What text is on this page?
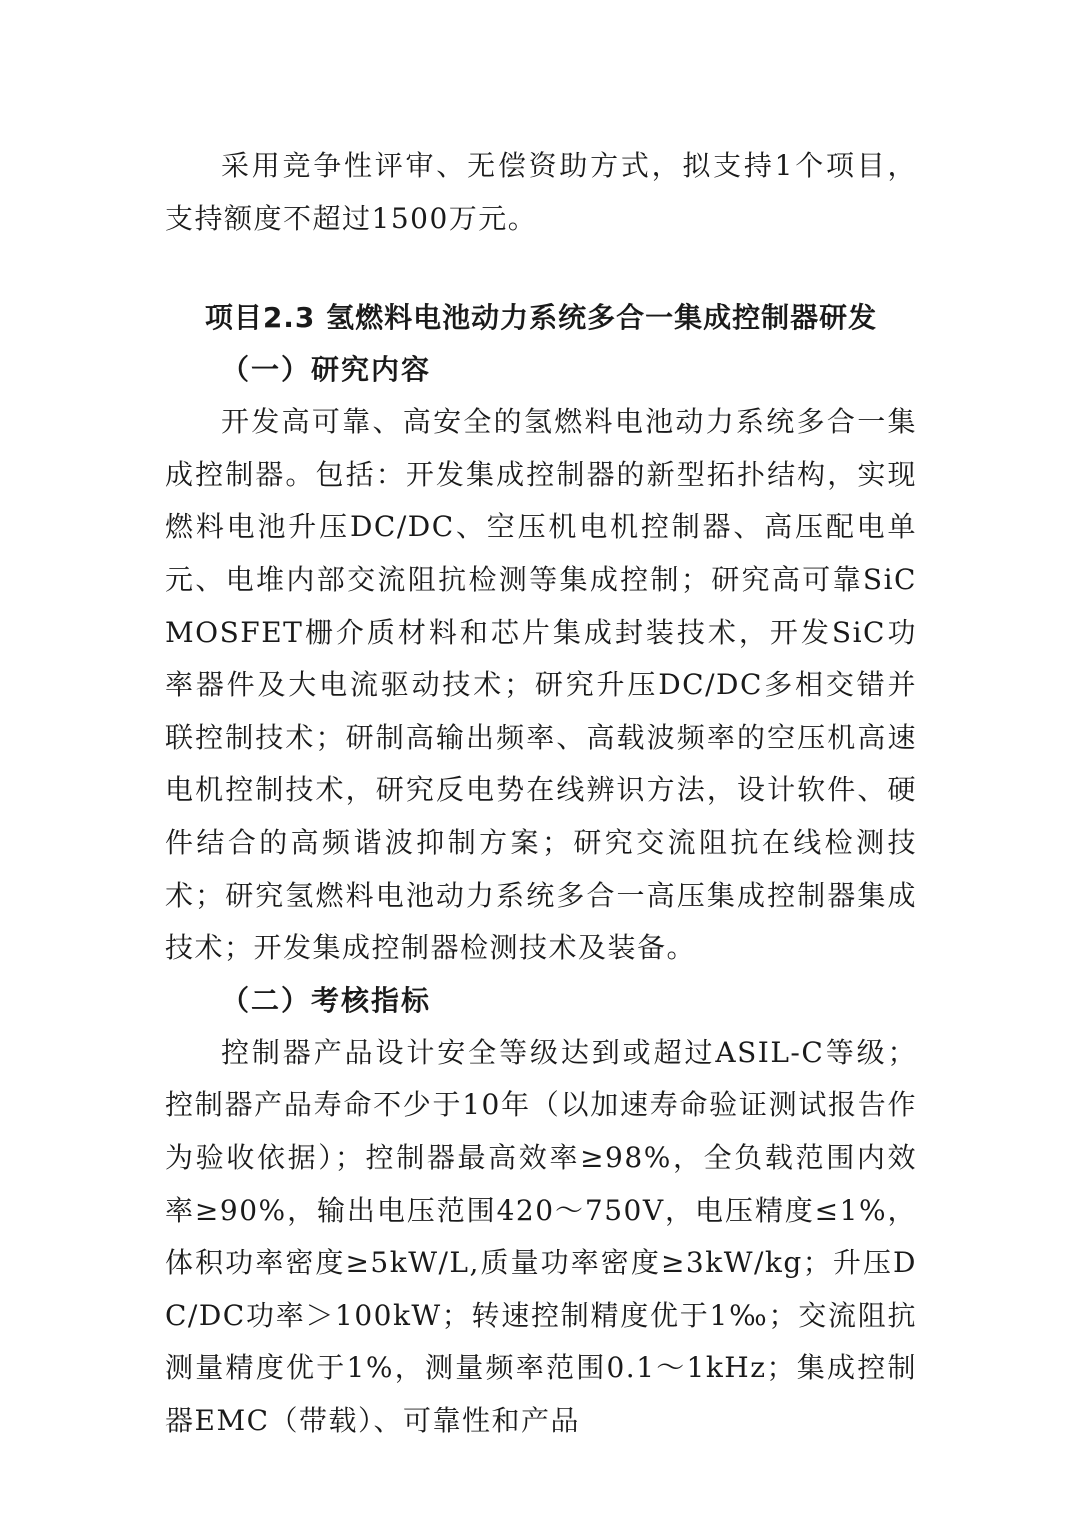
采用竞争性评审、无偿资助方式，拟支持1个项目，支持额度不超过1500万元。

项目2.3 氢燃料电池动力系统多合一集成控制器研发

（一）研究内容

开发高可靠、高安全的氢燃料电池动力系统多合一集成控制器。包括：开发集成控制器的新型拓扑结构，实现燃料电池升压DC/DC、空压机电机控制器、高压配电单元、电堆内部交流阻抗检测等集成控制；研究高可靠SiC MOSFET栅介质材料和芯片集成封装技术，开发SiC功率器件及大电流驱动技术；研究升压DC/DC多相交错并联控制技术；研制高输出频率、高载波频率的空压机高速电机控制技术，研究反电势在线辨识方法，设计软件、硬件结合的高频谐波抑制方案；研究交流阻抗在线检测技术；研究氢燃料电池动力系统多合一高压集成控制器集成技术；开发集成控制器检测技术及装备。

（二）考核指标

控制器产品设计安全等级达到或超过ASIL-C等级；控制器产品寿命不少于10年（以加速寿命验证测试报告作为验收依据）；控制器最高效率≥98%，全负载范围内效率≥90%，输出电压范围420～750V，电压精度≤1%，体积功率密度≥5kW/L,质量功率密度≥3kW/kg；升压DC/DC功率＞100kW；转速控制精度优于1‰；交流阻抗测量精度优于1%，测量频率范围0.1～1kHz；集成控制器EMC（带载）、可靠性和产品
